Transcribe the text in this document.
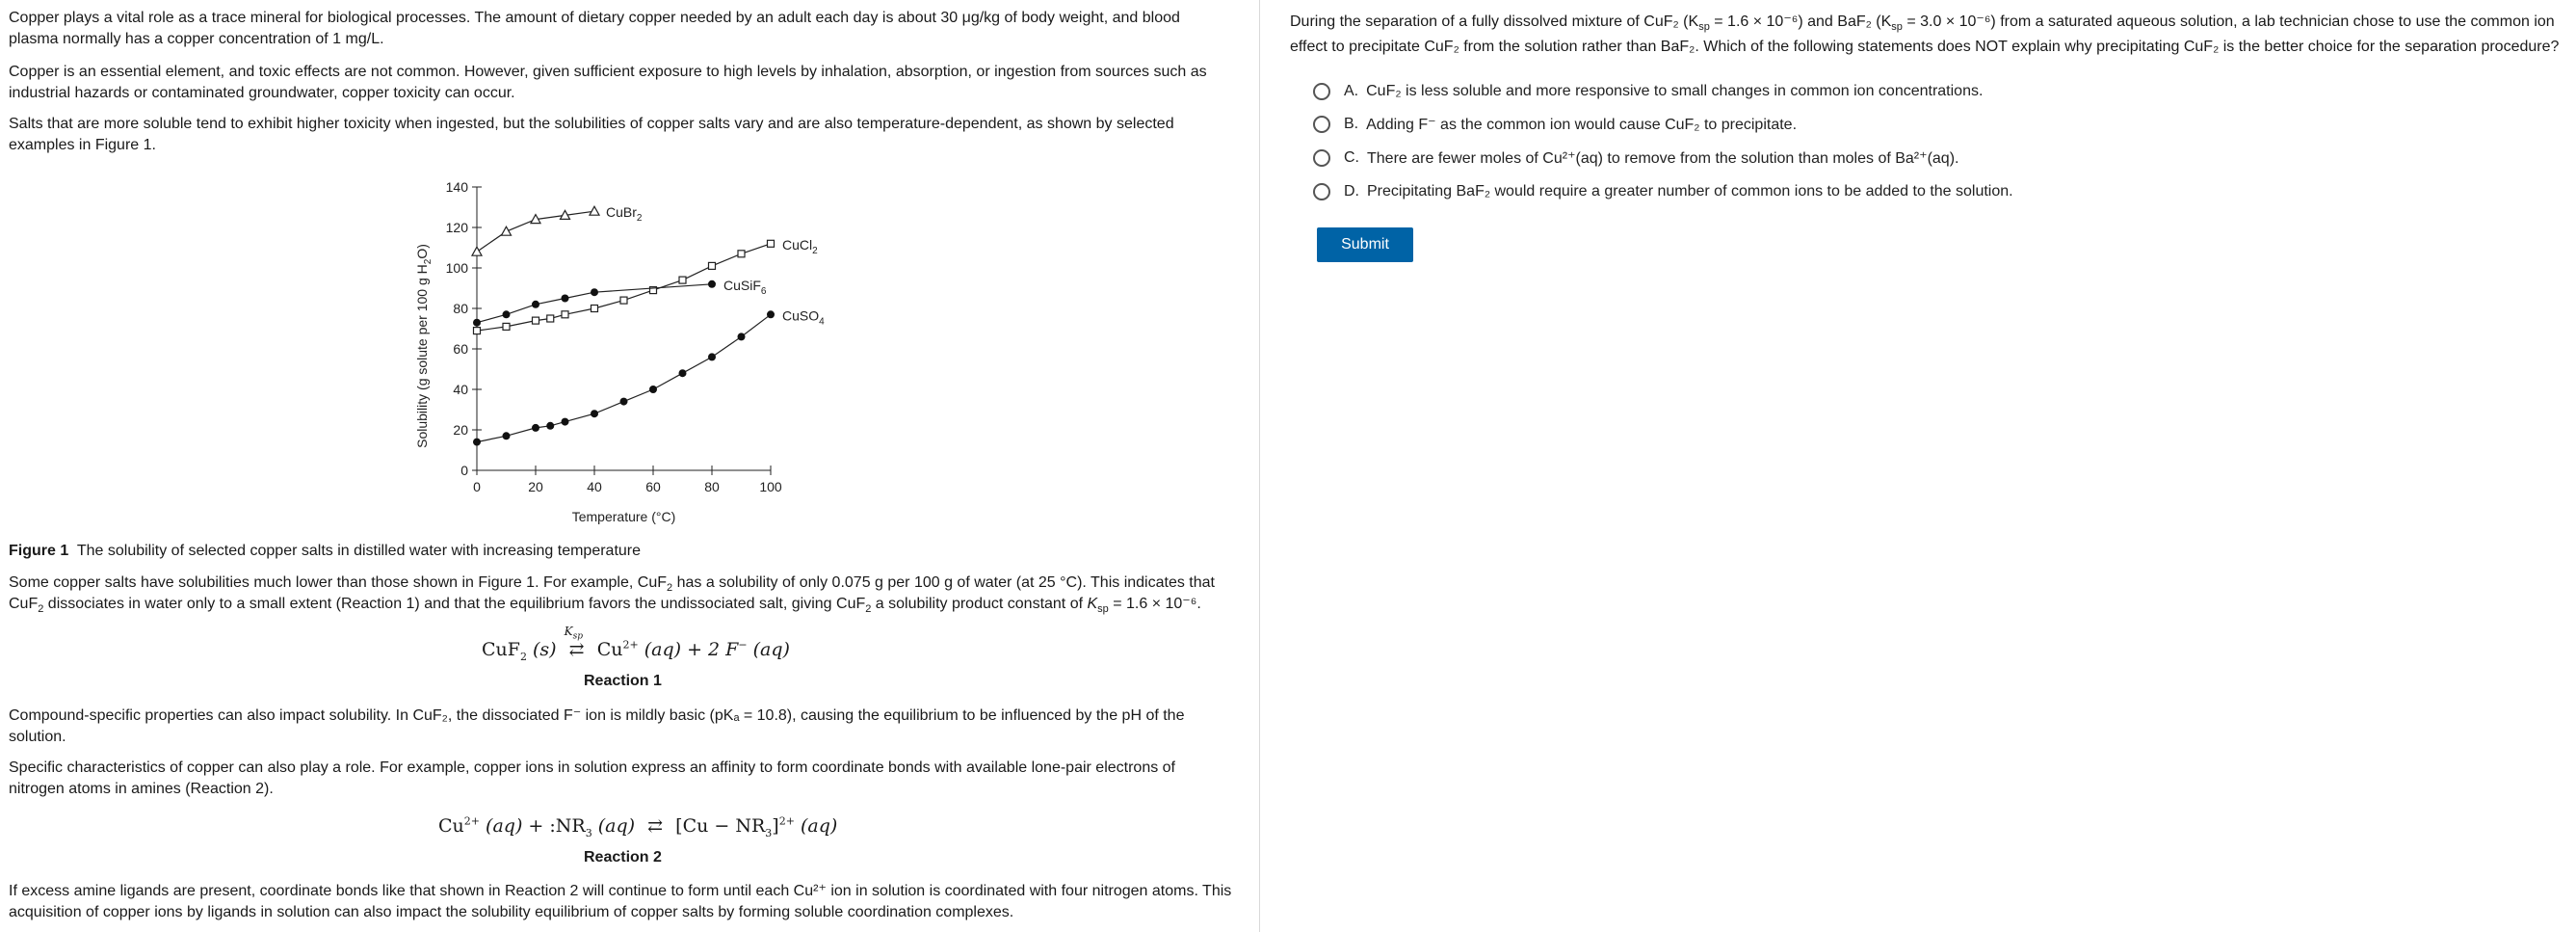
Copper plays a vital role as a trace mineral for biological processes. The amount of dietary copper needed by an adult each day is about 30 μg/kg of body weight, and blood plasma normally has a copper concentration of 1 mg/L.

Copper is an essential element, and toxic effects are not common. However, given sufficient exposure to high levels by inhalation, absorption, or ingestion from sources such as industrial hazards or contaminated groundwater, copper toxicity can occur.

Salts that are more soluble tend to exhibit higher toxicity when ingested, but the solubilities of copper salts vary and are also temperature-dependent, as shown by selected examples in Figure 1.

0	20	40	60	80	100
0
20
40
60
80
100
120
140
Temperature (°C)
Solubility (g solute per 100 g $H_2O$)
CuBr$_2$
CuCl$_2$
CuSiF$_6$
CuSO$_4$
Figure 1 The solubility of selected copper salts in distilled water with increasing temperature

Some copper salts have solubilities much lower than those shown in Figure 1. For example, CuF$_2$ has a solubility of only 0.075 g per 100 g of water (at 25 °C). This indicates that CuF$_2$ dissociates in water only to a small extent (Reaction 1) and that the equilibrium favors the undissociated salt, giving CuF$_2$ a solubility product constant of $K_{sp} = 1.6 \times 10^{-6}$.

CuF$_2$ (s)
$K_{sp}$
⇄ $Cu^{2+}$ (aq) + 2 F− (aq)
Reaction 1

Compound-specific properties can also impact solubility. In CuF₂, the dissociated F⁻ ion is mildly basic (pKₐ = 10.8), causing the equilibrium to be influenced by the pH of the solution.

Specific characteristics of copper can also play a role. For example, copper ions in solution express an affinity to form coordinate bonds with available lone-pair electrons of nitrogen atoms in amines (Reaction 2).

$Cu^{2+}$ $(aq) + :NR_3$ (aq) ⇄ $[Cu - NR_3]^{2+}$ (aq)
Reaction 2

If excess amine ligands are present, coordinate bonds like that shown in Reaction 2 will continue to form until each Cu²⁺ ion in solution is coordinated with four nitrogen atoms. This acquisition of copper ions by ligands in solution can also impact the solubility equilibrium of copper salts by forming soluble coordination complexes.

During the separation of a fully dissolved mixture of CuF₂ $(K_{sp} = 1.6 \times 10^{-6})$ and BaF₂ $(K_{sp} = 3.0 \times 10^{-6})$ from a saturated aqueous solution, a lab technician chose to use the common ion
effect to precipitate CuF₂ from the solution rather than BaF₂. Which of the following statements does NOT explain why precipitating CuF₂ is the better choice for the separation procedure?
A. CuF₂ is less soluble and more responsive to small changes in common ion concentrations.
B. Adding F⁻ as the common ion would cause CuF₂ to precipitate.
C. There are fewer moles of Cu²⁺(aq) to remove from the solution than moles of Ba²⁺(aq).
D. Precipitating BaF₂ would require a greater number of common ions to be added to the solution.
Submit
